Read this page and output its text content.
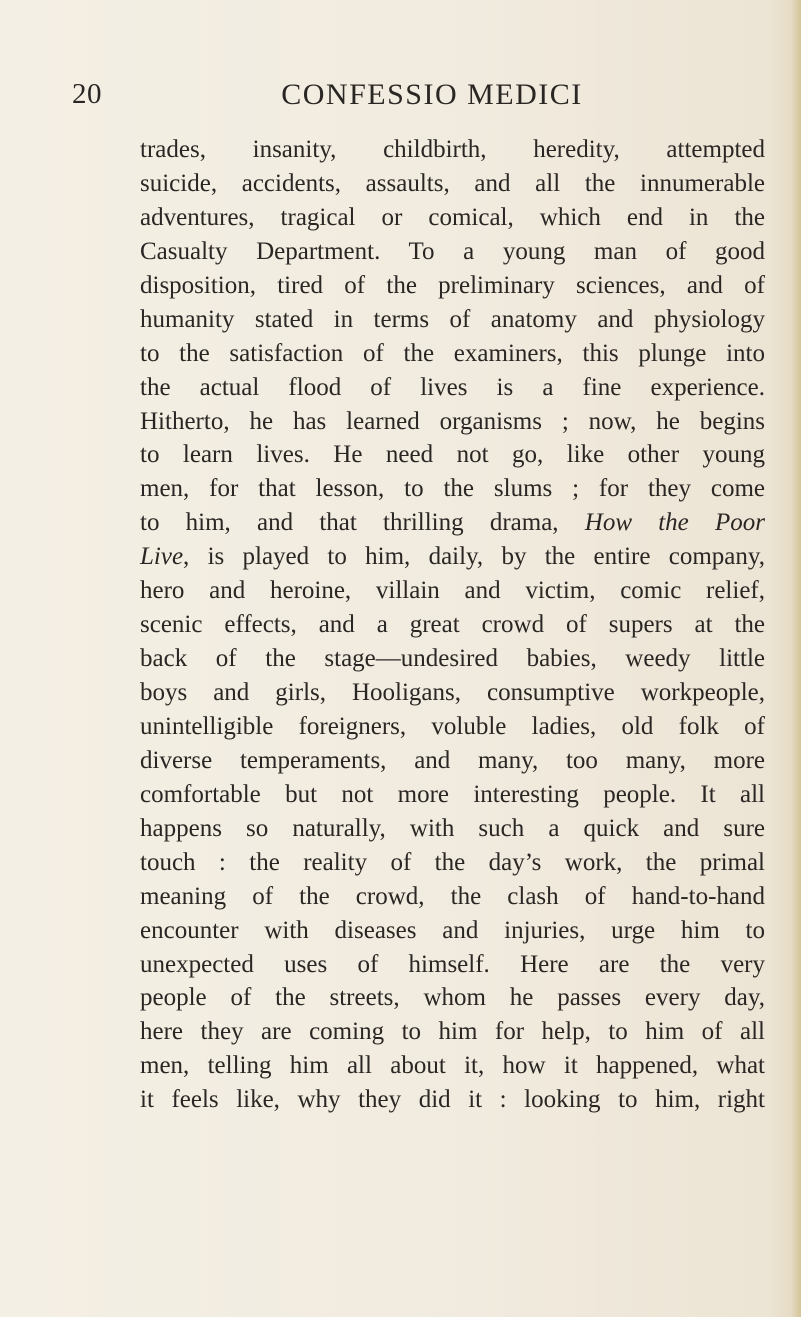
20	CONFESSIO MEDICI
trades, insanity, childbirth, heredity, attempted
suicide, accidents, assaults, and all the innumerable
adventures, tragical or comical, which end in the
Casualty Department. To a young man of good
disposition, tired of the preliminary sciences, and of
humanity stated in terms of anatomy and physiology
to the satisfaction of the examiners, this plunge into
the actual flood of lives is a fine experience.
Hitherto, he has learned organisms ; now, he begins
to learn lives. He need not go, like other young
men, for that lesson, to the slums ; for they come
to him, and that thrilling drama, How the Poor
Live, is played to him, daily, by the entire company,
hero and heroine, villain and victim, comic relief,
scenic effects, and a great crowd of supers at the
back of the stage—undesired babies, weedy little
boys and girls, Hooligans, consumptive workpeople,
unintelligible foreigners, voluble ladies, old folk of
diverse temperaments, and many, too many, more
comfortable but not more interesting people. It all
happens so naturally, with such a quick and sure
touch : the reality of the day’s work, the primal
meaning of the crowd, the clash of hand-to-hand
encounter with diseases and injuries, urge him to
unexpected uses of himself. Here are the very
people of the streets, whom he passes every day,
here they are coming to him for help, to him of all
men, telling him all about it, how it happened, what
it feels like, why they did it : looking to him, right
